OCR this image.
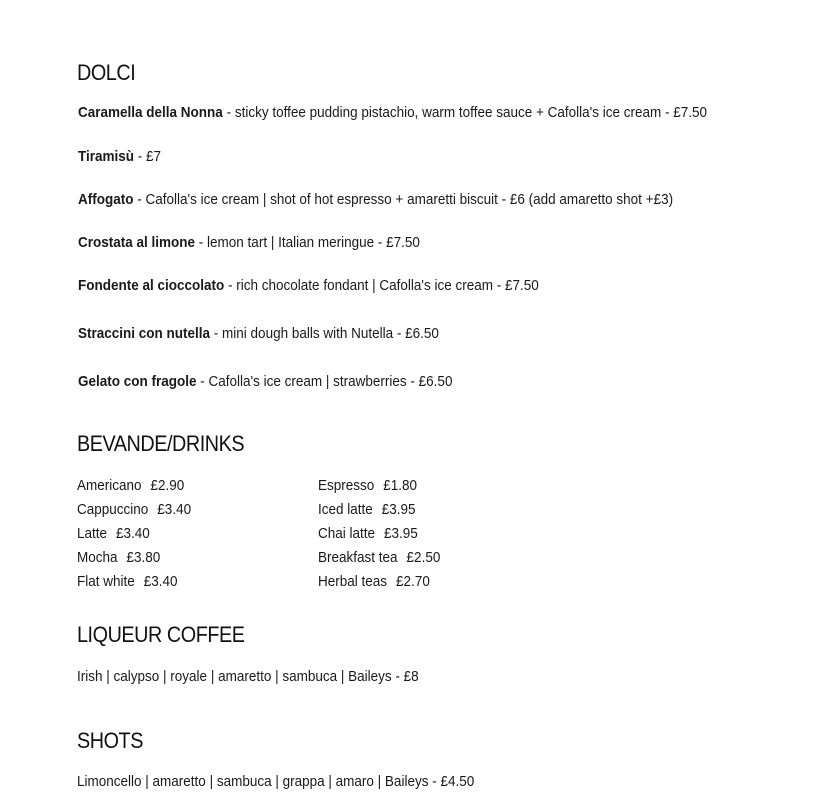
DOLCI

Caramella della Nonna - sticky toffee pudding pistachio, warm toffee sauce + Cafolla's ice cream - £7.50

Tiramisù - £7

Affogato - Cafolla's ice cream | shot of hot espresso + amaretti biscuit - £6 (add amaretto shot +£3)

Crostata al limone - lemon tart | Italian meringue - £7.50

Fondente al cioccolato - rich chocolate fondant | Cafolla's ice cream - £7.50

Straccini con nutella - mini dough balls with Nutella - £6.50

Gelato con fragole - Cafolla's ice cream | strawberries - £6.50

BEVANDE/DRINKS
Americano £2.90
Cappuccino £3.40
Latte £3.40
Mocha £3.80
Flat white £3.40
Espresso £1.80
Iced latte £3.95
Chai latte £3.95
Breakfast tea £2.50
Herbal teas £2.70
LIQUEUR COFFEE

Irish | calypso | royale | amaretto | sambuca | Baileys - £8

SHOTS

Limoncello | amaretto | sambuca | grappa | amaro | Baileys - £4.50
